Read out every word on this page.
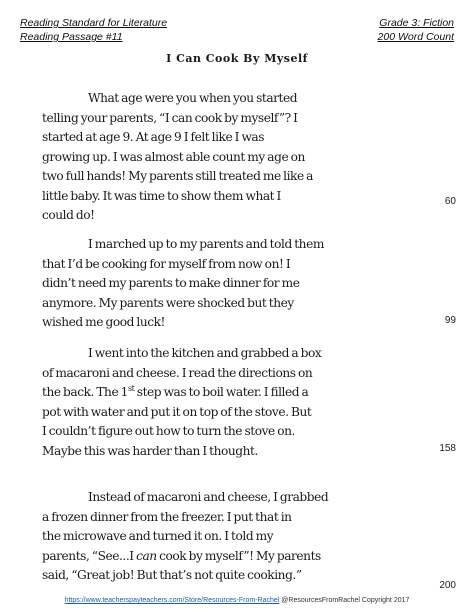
Reading Standard for Literature
Reading Passage #11
Grade 3: Fiction
200 Word Count
I Can Cook By Myself
What age were you when you started
telling your parents, “I can cook by myself”? I
started at age 9. At age 9 I felt like I was
growing up. I was almost able count my age on
two full hands! My parents still treated me like a
little baby. It was time to show them what I
could do!
60
I marched up to my parents and told them
that I’d be cooking for myself from now on! I
didn’t need my parents to make dinner for me
anymore. My parents were shocked but they
wished me good luck!	99
I went into the kitchen and grabbed a box
of macaroni and cheese. I read the directions on
the back. The 1st step was to boil water. I filled a
pot with water and put it on top of the stove. But
I couldn’t figure out how to turn the stove on.
Maybe this was harder than I thought.	158
Instead of macaroni and cheese, I grabbed
a frozen dinner from the freezer. I put that in
the microwave and turned it on. I told my
parents, “See...I can cook by myself”! My parents
said, “Great job! But that’s not quite cooking.”
200
https://www.teacherspayteachers.com/Store/Resources-From-Rachel @ResourcesFromRachel Copyright 2017
